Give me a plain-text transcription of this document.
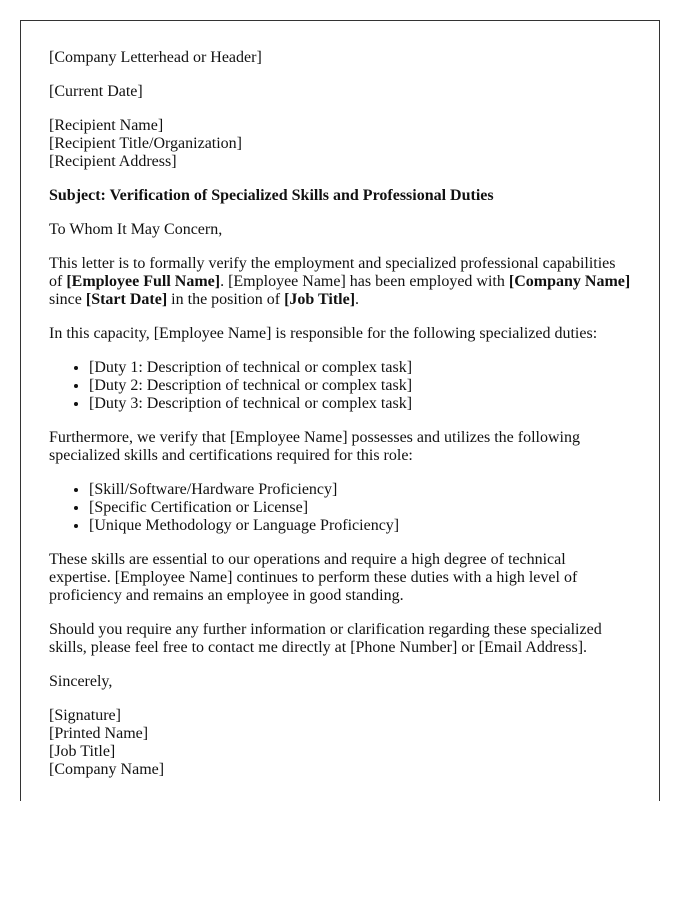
[Company Letterhead or Header]

[Current Date]

[Recipient Name]
[Recipient Title/Organization]
[Recipient Address]

Subject: Verification of Specialized Skills and Professional Duties

To Whom It May Concern,

This letter is to formally verify the employment and specialized professional capabilities of [Employee Full Name]. [Employee Name] has been employed with [Company Name] since [Start Date] in the position of [Job Title].

In this capacity, [Employee Name] is responsible for the following specialized duties:

• [Duty 1: Description of technical or complex task]
• [Duty 2: Description of technical or complex task]
• [Duty 3: Description of technical or complex task]

Furthermore, we verify that [Employee Name] possesses and utilizes the following specialized skills and certifications required for this role:

• [Skill/Software/Hardware Proficiency]
• [Specific Certification or License]
• [Unique Methodology or Language Proficiency]

These skills are essential to our operations and require a high degree of technical expertise. [Employee Name] continues to perform these duties with a high level of proficiency and remains an employee in good standing.

Should you require any further information or clarification regarding these specialized skills, please feel free to contact me directly at [Phone Number] or [Email Address].

Sincerely,

[Signature]
[Printed Name]
[Job Title]
[Company Name]
